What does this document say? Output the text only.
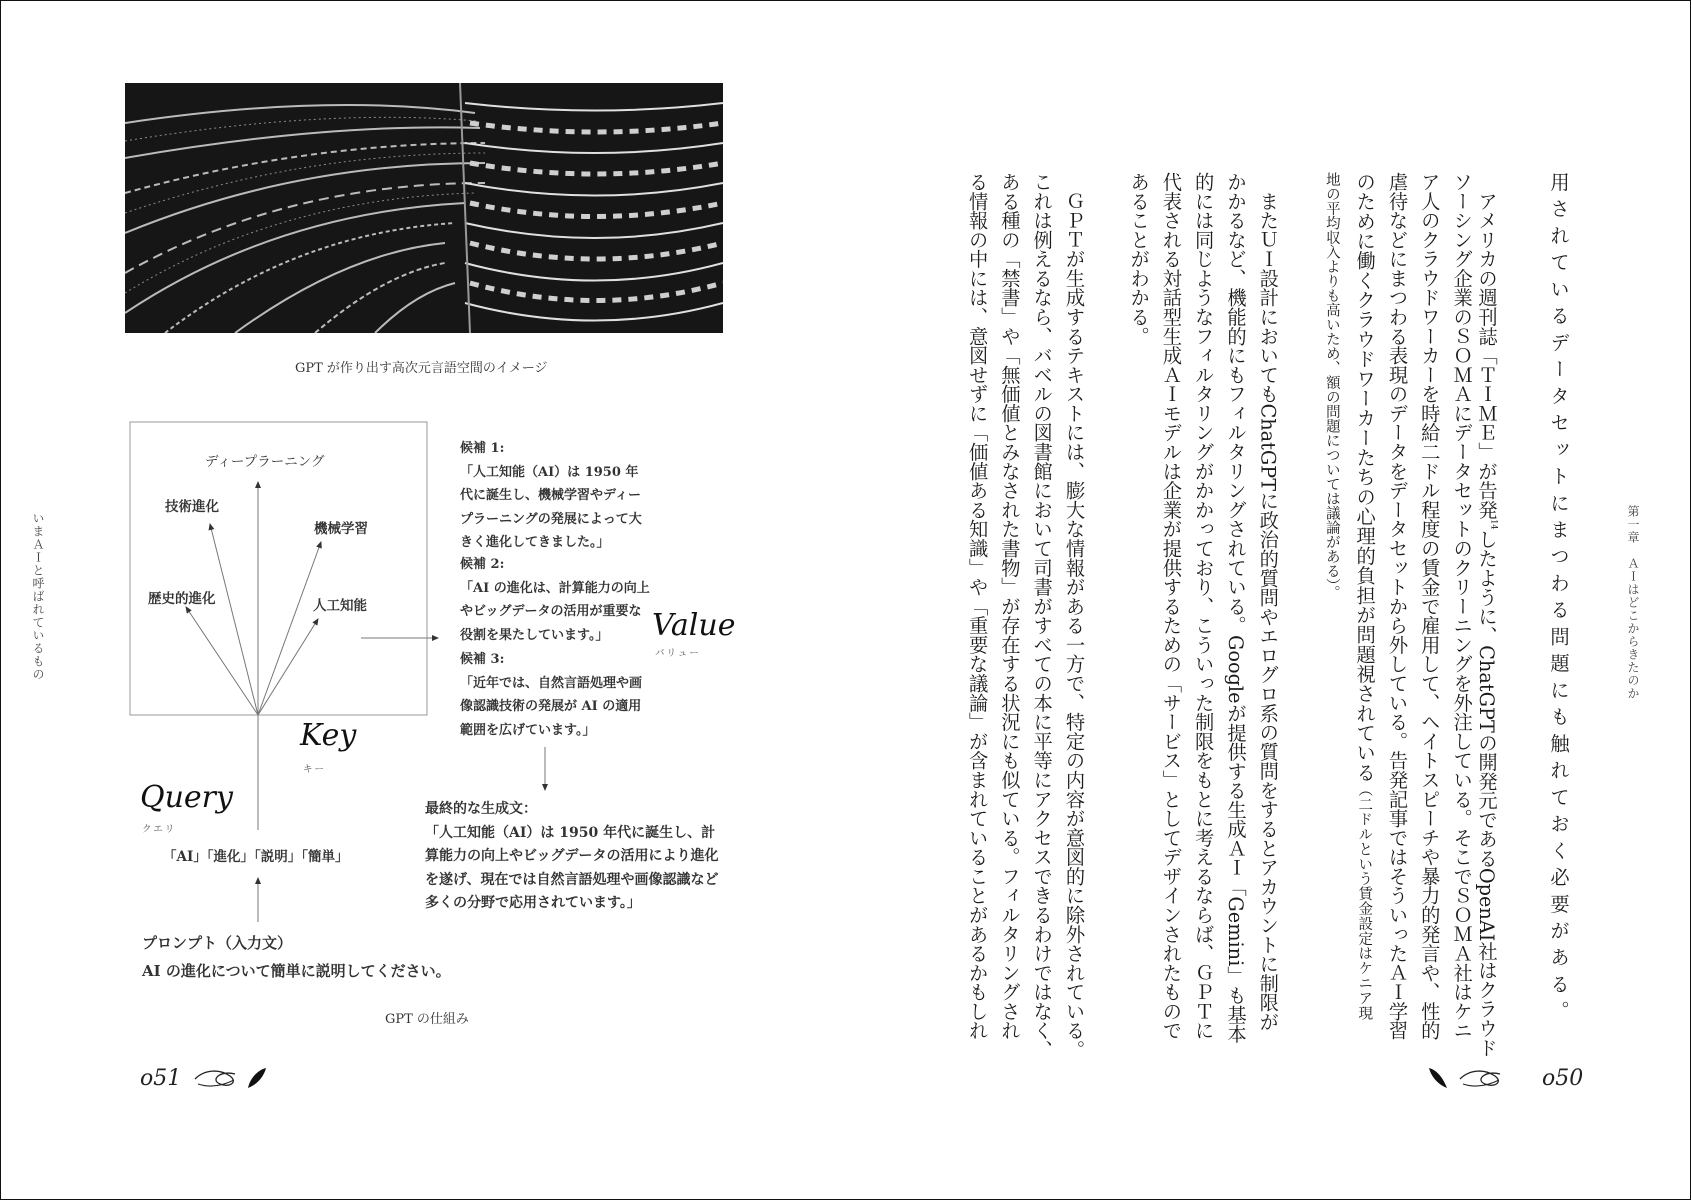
いまＡＩと呼ばれているもの
GPT が作り出す高次元言語空間のイメージ
ディープラーニング
技術進化
機械学習
歴史的進化	人工知能
候補 1:
「人工知能（AI）は 1950 年代に誕生し、機械学習やディープラーニングの発展によって大きく進化してきました。」
候補 2:
「AI の進化は、計算能力の向上やビッグデータの活用が重要な役割を果たしています。」
候補 3:
「近年では、自然言語処理や画像認識技術の発展が AI の適用範囲を広げています。」
Value
バリュー
Key
キー
Query
クエリ
「AI」「進化」「説明」「簡単」
プロンプト（入力文）
AI の進化について簡単に説明してください。
最終的な生成文：
「人工知能（AI）は 1950 年代に誕生し、計算能力の向上やビッグデータの活用により進化を遂げ、現在では自然言語処理や画像認識など多くの分野で応用されています。」
GPT の仕組み
o51
第一章　ＡＩはどこからきたのか
用されているデータセットにまつわる問題にも触れておく必要がある。
　アメリカの週刊誌「ＴＩＭＥ」が告発$^{14}$したように、ChatGPTの開発元であるOpenAI社はクラウド
ソーシング企業のＳＯＭＡにデータセットのクリーニングを外注している。そこでＳＯＭＡ社はケニ
ア人のクラウドワーカーを時給二ドル程度の賃金で雇用して、ヘイトスピーチや暴力的発言や、性的
虐待などにまつわる表現のデータをデータセットから外している。告発記事ではそういったＡＩ学習
のために働くクラウドワーカーたちの心理的負担が問題視されている（二ドルという賃金設定はケニア現
地の平均収入よりも高いため、額の問題については議論がある）。
　またＵＩ設計においてもChatGPTに政治的質問やエログロ系の質問をするとアカウントに制限が
かかるなど、機能的にもフィルタリングされている。Googleが提供する生成ＡＩ「Gemini」も基本
的には同じようなフィルタリングがかかっており、こういった制限をもとに考えるならば、ＧＰＴに
代表される対話型生成ＡＩモデルは企業が提供するための「サービス」としてデザインされたもので
あることがわかる。
　ＧＰＴが生成するテキストには、膨大な情報がある一方で、特定の内容が意図的に除外されている。
これは例えるなら、バベルの図書館において司書がすべての本に平等にアクセスできるわけではなく、
ある種の「禁書」や「無価値とみなされた書物」が存在する状況にも似ている。フィルタリングされ
る情報の中には、意図せずに「価値ある知識」や「重要な議論」が含まれていることがあるかもしれ
o50
